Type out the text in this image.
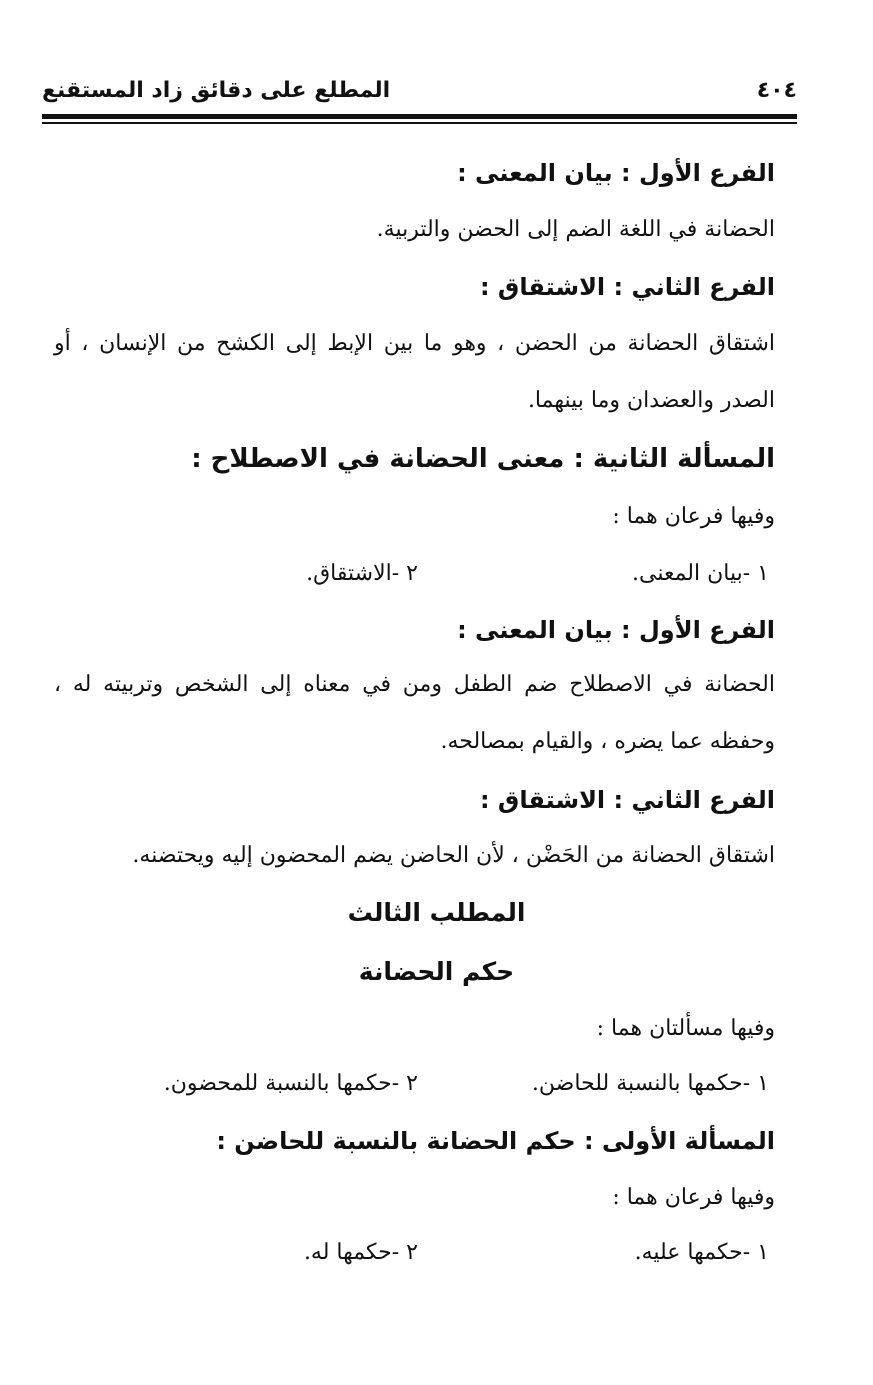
٤٠٤
المطلع على دقائق زاد المستقنع
الفرع الأول : بيان المعنى :
الحضانة في اللغة الضم إلى الحضن والتربية.
الفرع الثاني : الاشتقاق :
اشتقاق الحضانة من الحضن ، وهو ما بين الإبط إلى الكشح من الإنسان ، أو
الصدر والعضدان وما بينهما.
المسألة الثانية : معنى الحضانة في الاصطلاح :
وفيها فرعان هما :
١ -بيان المعنى.
٢ -الاشتقاق.
الفرع الأول : بيان المعنى :
الحضانة في الاصطلاح ضم الطفل ومن في معناه إلى الشخص وتربيته له ،
وحفظه عما يضره ، والقيام بمصالحه.
الفرع الثاني : الاشتقاق :
اشتقاق الحضانة من الحَضْن ، لأن الحاضن يضم المحضون إليه ويحتضنه.
المطلب الثالث
حكم الحضانة
وفيها مسألتان هما :
١ -حكمها بالنسبة للحاضن.
٢ -حكمها بالنسبة للمحضون.
المسألة الأولى : حكم الحضانة بالنسبة للحاضن :
وفيها فرعان هما :
١ -حكمها عليه.
٢ -حكمها له.
